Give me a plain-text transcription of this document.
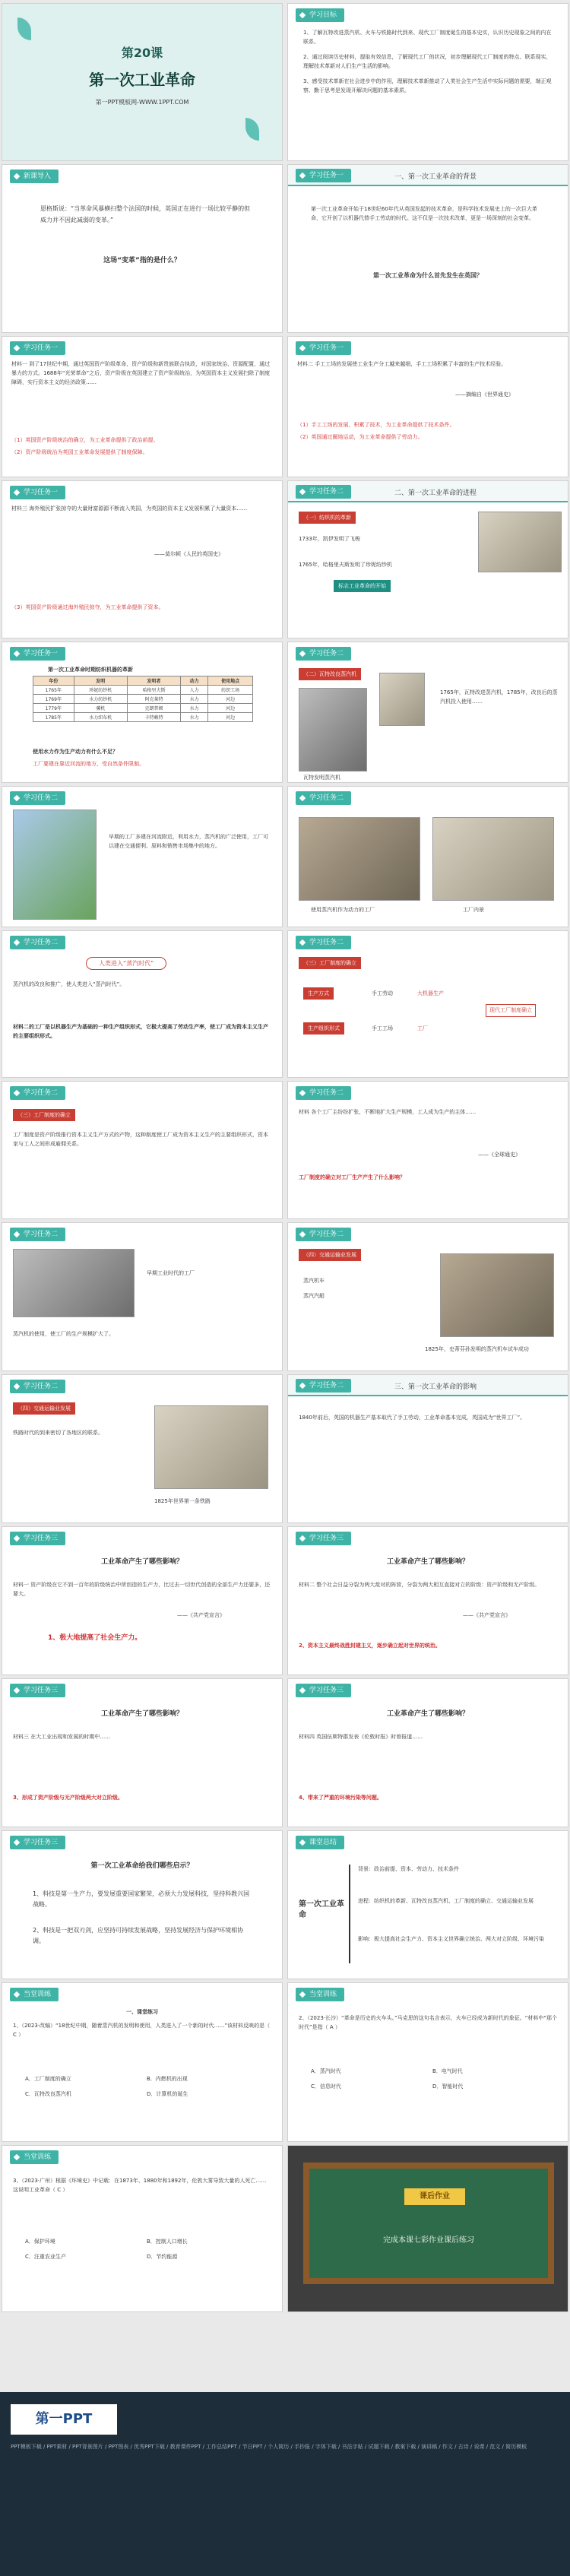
第20课
第一次工业革命
第一PPT模板网-WWW.1PPT.COM
学习目标

1、了解瓦特改进蒸汽机、火车与铁路时代到来、现代工厂制度诞生的基本史实，认识历史现象之间的内在联系。

2、通过阅读历史材料，提取有效信息，了解现代工厂的状况，初步理解现代工厂制度的特点、联系现实，理解技术革新对人们生产生活的影响。

3、感受技术革新在社会进步中的作用，理解技术革新推动了人类社会生产生活中实际问题的需要，端正观察、勤于思考是发现开解决问题的基本素质。

新课导入
恩格斯说：“当革命风暴横扫整个法国的时候，英国正在进行一场比较平静的但威力并不因此减弱的变革。”
这场“变革”指的是什么？
学习任务一	一、第一次工业革命的背景
第一次工业革命开始于18世纪60年代从英国发起的技术革命，是科学技术发展史上的一次巨大革命，它开创了以机器代替手工劳动的时代。这不仅是一次技术改革，更是一场深刻的社会变革。
第一次工业革命为什么首先发生在英国？
学习任务一
材料一 到了17世纪中期，通过英国资产阶级革命，资产阶级和新贵族联合执政，对国家统治、资源配置，通过暴力的方式。1688年“光荣革命”之后，资产阶级在英国建立了资产阶级统治，为英国资本主义发展扫除了制度障碍，实行资本主义的经济政策……
（1）英国资产阶级统治的确立，为工业革命提供了政治前提。
（2）资产阶级统治为英国工业革命发展提供了制度保障。
学习任务一
材料二 手工工场的发展使工业生产分工越来越细，手工工场积累了丰富的生产技术经验。
——摘编自《世界通史》
（1）手工工场的发展，积累了技术，为工业革命提供了技术条件。
（2）英国通过圈地运动，为工业革命提供了劳动力。
学习任务一
材料三 海外殖民扩张掠夺的大量财富源源不断流入英国，为英国的资本主义发展积累了大量资本……
——莫尔顿《人民的英国史》
（3）英国资产阶级通过海外殖民掠夺，为工业革命提供了资本。
学习任务二	二、第一次工业革命的进程
（一）纺织机的革新
1733年，凯伊发明了飞梭
1765年，哈格里夫斯发明了珍妮纺纱机
标志工业革命的开始
学习任务一
第一次工业革命时期纺织机器的革新
年份	发明	发明者	动力	使用地点
1765年	珍妮纺纱机	哈格里夫斯	人力	纺织工场
1769年	水力纺纱机	阿克莱特	水力	河边
1779年	骡机	克朗普顿	水力	河边
1785年	水力织布机	卡特赖特	水力	河边
使用水力作为生产动力有什么不足？
工厂要建在靠近河流的地方，受自然条件限制。
学习任务二
（二）瓦特改良蒸汽机
1765年，瓦特改进蒸汽机，1785年，改良后的蒸汽机投入使用……
瓦特发明蒸汽机
学习任务二
早期的工厂多建在河流附近，利用水力，蒸汽机的广泛使用，工厂可以建在交通便利、原料和销售市场集中的地方。
学习任务二
使用蒸汽机作为动力的工厂	工厂内景
学习任务二
人类进入“蒸汽时代”
蒸汽机的改良和推广，使人类进入“蒸汽时代”。
材料二的工厂是以机器生产为基础的一种生产组织形式，它极大提高了劳动生产率，使工厂成为资本主义生产的主要组织形式。
学习任务二
（三）工厂制度的确立
生产方式
生产组织形式
手工劳动	大机器生产
手工工场	工厂
现代工厂制度确立
学习任务二
（三）工厂制度的确立
工厂制度是资产阶级推行资本主义生产方式的产物，这种制度使工厂成为资本主义生产的主要组织形式，资本家与工人之间形成雇佣关系。
学习任务二
材料 各个工厂主纷纷扩张，不断地扩大生产规模，工人成为生产的主体……
——《全球通史》
工厂制度的确立对工厂生产产生了什么影响？
学习任务二
早期工业时代的工厂
蒸汽机的使用，使工厂的生产规模扩大了。
学习任务二
（四）交通运输业发展
蒸汽机车
蒸汽汽船
1825年，史蒂芬孙发明的蒸汽机车试车成功
学习任务二
（四）交通运输业发展
铁路时代的到来密切了各地区的联系。
1825年世界第一条铁路
学习任务二	三、第一次工业革命的影响
1840年前后，英国的机器生产基本取代了手工劳动，工业革命基本完成，英国成为“世界工厂”。
学习任务三
工业革命产生了哪些影响？
材料一 资产阶级在它不到一百年的阶级统治中所创造的生产力，比过去一切世代创造的全部生产力还要多，还要大。
——《共产党宣言》
1、极大地提高了社会生产力。
学习任务三
工业革命产生了哪些影响？
材料二 整个社会日益分裂为两大敌对的阵营，分裂为两大相互直接对立的阶级：资产阶级和无产阶级。
——《共产党宣言》
2、资本主义最终战胜封建主义，逐步确立起对世界的统治。
学习任务三
工业革命产生了哪些影响？
材料三 在大工业出现和发展的时期中……
3、形成了资产阶级与无产阶级两大对立阶级。
学习任务三
工业革命产生了哪些影响？
材料四 英国伍斯特郡发表《伦敦时报》时曾报道……
4、带来了严重的环境污染等问题。
学习任务三
第一次工业革命给我们哪些启示？
1、科技是第一生产力，要发展重要国家繁荣，必须大力发展科技，坚持科教兴国战略。
2、科技是一把双刃剑，应坚持可持续发展战略，坚持发展经济与保护环境相协调。
课堂总结
第一次工业革命
背景：政治前提、资本、劳动力、技术条件
进程：纺织机的革新、瓦特改良蒸汽机、工厂制度的确立、交通运输业发展
影响：极大提高社会生产力、资本主义世界确立统治、两大对立阶级、环境污染
当堂训练
一、课堂练习
1、（2023·改编）“18世纪中期，随着蒸汽机的发明和使用，人类进入了一个新的时代……”该材料反映的是（ C ）
A．工厂制度的确立	B．内燃机的出现
C．瓦特改良蒸汽机	D．计算机的诞生
当堂训练
2、（2023·长沙）“革命是历史的火车头。”马克思的这句名言表示，火车已经成为新时代的象征。“材料中“那个时代”是指（ A ）
A．蒸汽时代	B．电气时代
C．信息时代	D．智能时代
当堂训练
3、（2023·广州）根据《环境史》中记载：在1873年、1880年和1892年，伦敦大雾导致大量的人死亡……这说明工业革命（ C ）
A．保护环境	B．控制人口增长
C．注重农业生产	D．节约能源
课后作业
完成本课七彩作业课后练习
第一PPT
PPT模板下载 / PPT素材 / PPT背景图片 / PPT图表 / 优秀PPT下载 / 教育课件PPT / 工作总结PPT / 节日PPT / 个人简历 / 手抄报 / 字体下载 / 书法字帖 / 试题下载 / 教案下载 / 演讲稿 / 作文 / 古诗 / 说课 / 范文 / 简历模板
